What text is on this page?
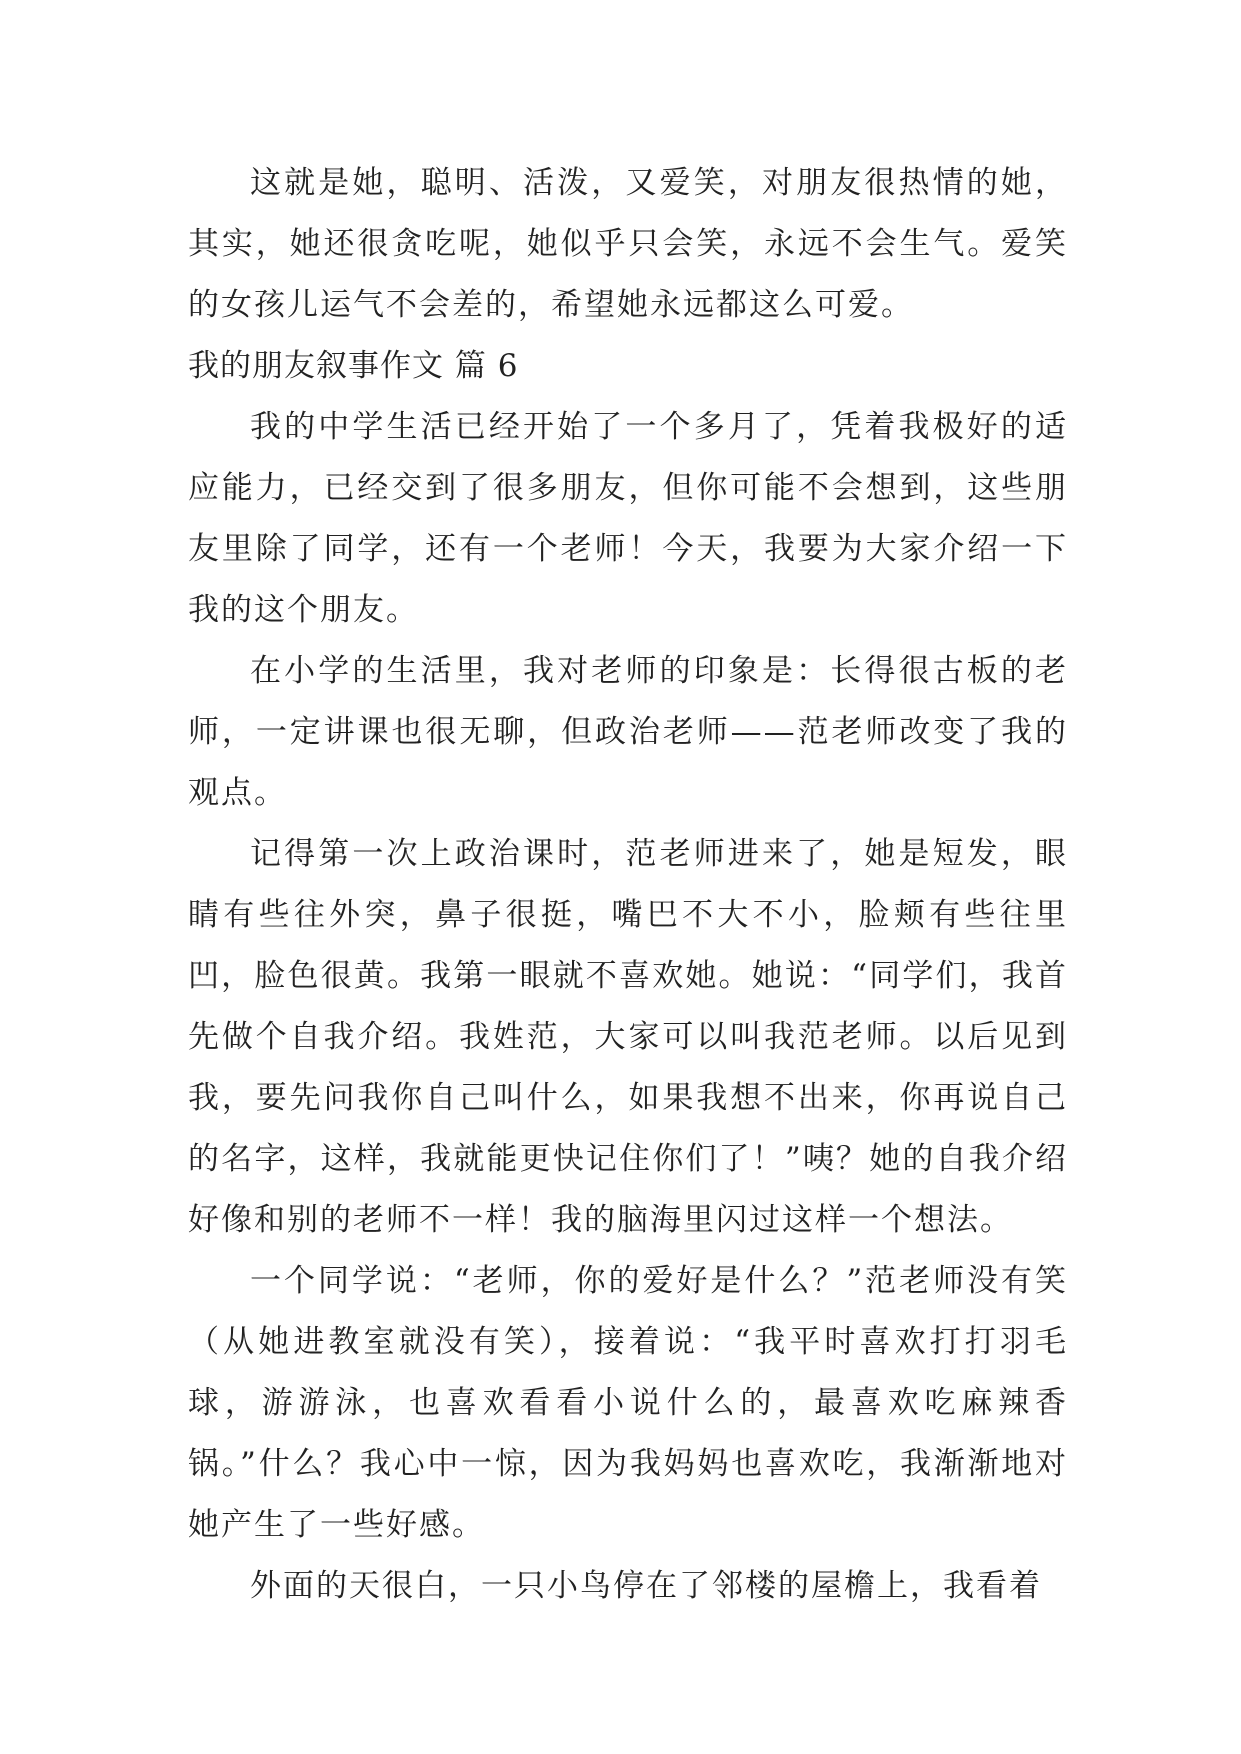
这就是她，聪明、活泼，又爱笑，对朋友很热情的她，其实，她还很贪吃呢，她似乎只会笑，永远不会生气。爱笑的女孩儿运气不会差的，希望她永远都这么可爱。

我的朋友叙事作文 篇 6

我的中学生活已经开始了一个多月了，凭着我极好的适应能力，已经交到了很多朋友，但你可能不会想到，这些朋友里除了同学，还有一个老师！今天，我要为大家介绍一下我的这个朋友。

在小学的生活里，我对老师的印象是：长得很古板的老师，一定讲课也很无聊，但政治老师——范老师改变了我的观点。

记得第一次上政治课时，范老师进来了，她是短发，眼睛有些往外突，鼻子很挺，嘴巴不大不小，脸颊有些往里凹，脸色很黄。我第一眼就不喜欢她。她说：“同学们，我首先做个自我介绍。我姓范，大家可以叫我范老师。以后见到我，要先问我你自己叫什么，如果我想不出来，你再说自己的名字，这样，我就能更快记住你们了！”咦？她的自我介绍好像和别的老师不一样！我的脑海里闪过这样一个想法。

一个同学说：“老师，你的爱好是什么？”范老师没有笑（从她进教室就没有笑），接着说：“我平时喜欢打打羽毛球，游游泳，也喜欢看看小说什么的，最喜欢吃麻辣香锅。”什么？我心中一惊，因为我妈妈也喜欢吃，我渐渐地对她产生了一些好感。

外面的天很白，一只小鸟停在了邻楼的屋檐上，我看着
